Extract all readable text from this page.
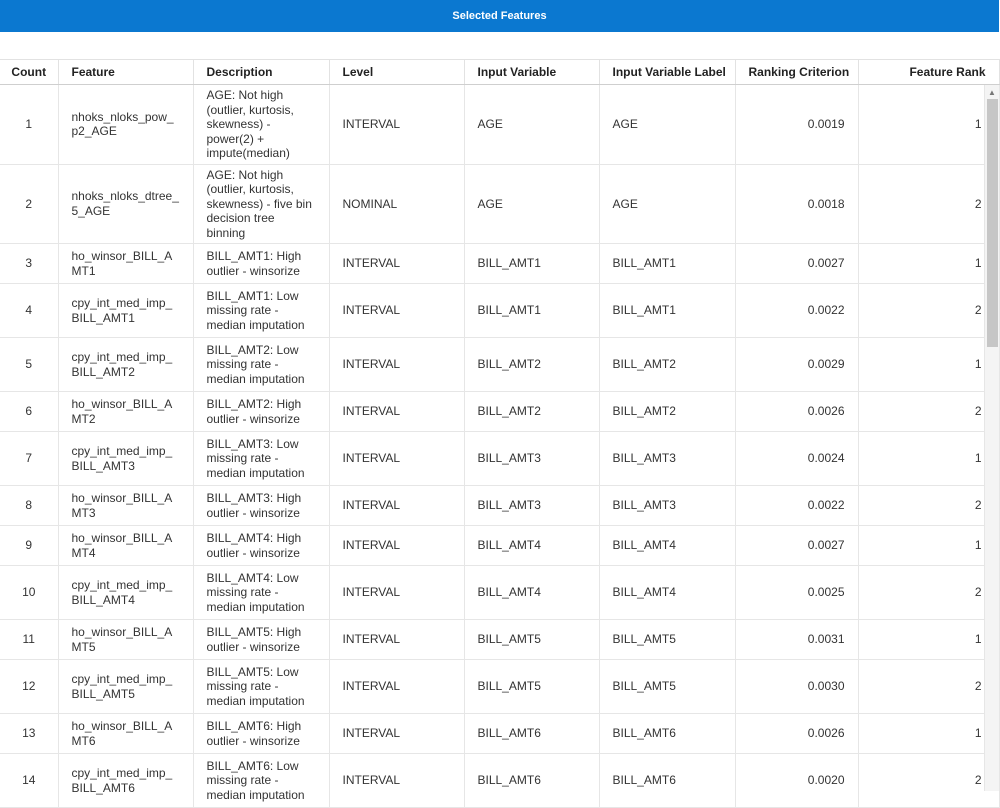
Selected Features
Count	Feature	Description	Level	Input Variable	Input Variable Label	Ranking Criterion	Feature Rank
1	nhoks_nloks_pow_p2_AGE	AGE: Not high (outlier, kurtosis, skewness) - power(2) + impute(median)	INTERVAL	AGE	AGE	0.0019	1
2	nhoks_nloks_dtree_5_AGE	AGE: Not high (outlier, kurtosis, skewness) - five bin decision tree binning	NOMINAL	AGE	AGE	0.0018	2
3	ho_winsor_BILL_AMT1	BILL_AMT1: High outlier - winsorize	INTERVAL	BILL_AMT1	BILL_AMT1	0.0027	1
4	cpy_int_med_imp_BILL_AMT1	BILL_AMT1: Low missing rate - median imputation	INTERVAL	BILL_AMT1	BILL_AMT1	0.0022	2
5	cpy_int_med_imp_BILL_AMT2	BILL_AMT2: Low missing rate - median imputation	INTERVAL	BILL_AMT2	BILL_AMT2	0.0029	1
6	ho_winsor_BILL_AMT2	BILL_AMT2: High outlier - winsorize	INTERVAL	BILL_AMT2	BILL_AMT2	0.0026	2
7	cpy_int_med_imp_BILL_AMT3	BILL_AMT3: Low missing rate - median imputation	INTERVAL	BILL_AMT3	BILL_AMT3	0.0024	1
8	ho_winsor_BILL_AMT3	BILL_AMT3: High outlier - winsorize	INTERVAL	BILL_AMT3	BILL_AMT3	0.0022	2
9	ho_winsor_BILL_AMT4	BILL_AMT4: High outlier - winsorize	INTERVAL	BILL_AMT4	BILL_AMT4	0.0027	1
10	cpy_int_med_imp_BILL_AMT4	BILL_AMT4: Low missing rate - median imputation	INTERVAL	BILL_AMT4	BILL_AMT4	0.0025	2
11	ho_winsor_BILL_AMT5	BILL_AMT5: High outlier - winsorize	INTERVAL	BILL_AMT5	BILL_AMT5	0.0031	1
12	cpy_int_med_imp_BILL_AMT5	BILL_AMT5: Low missing rate - median imputation	INTERVAL	BILL_AMT5	BILL_AMT5	0.0030	2
13	ho_winsor_BILL_AMT6	BILL_AMT6: High outlier - winsorize	INTERVAL	BILL_AMT6	BILL_AMT6	0.0026	1
14	cpy_int_med_imp_BILL_AMT6	BILL_AMT6: Low missing rate - median imputation	INTERVAL	BILL_AMT6	BILL_AMT6	0.0020	2
▲
